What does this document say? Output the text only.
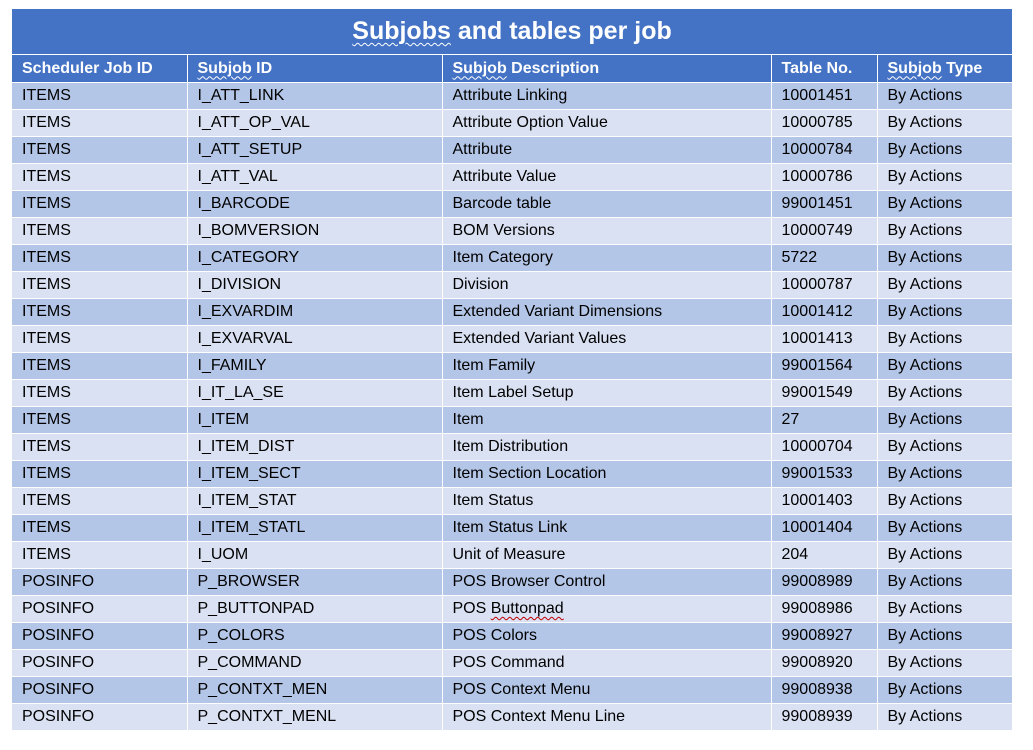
Subjobs and tables per job				
Scheduler Job ID	Subjob ID	Subjob Description	Table No.	Subjob Type
ITEMS	I_ATT_LINK	Attribute Linking	10001451	By Actions
ITEMS	I_ATT_OP_VAL	Attribute Option Value	10000785	By Actions
ITEMS	I_ATT_SETUP	Attribute	10000784	By Actions
ITEMS	I_ATT_VAL	Attribute Value	10000786	By Actions
ITEMS	I_BARCODE	Barcode table	99001451	By Actions
ITEMS	I_BOMVERSION	BOM Versions	10000749	By Actions
ITEMS	I_CATEGORY	Item Category	5722	By Actions
ITEMS	I_DIVISION	Division	10000787	By Actions
ITEMS	I_EXVARDIM	Extended Variant Dimensions	10001412	By Actions
ITEMS	I_EXVARVAL	Extended Variant Values	10001413	By Actions
ITEMS	I_FAMILY	Item Family	99001564	By Actions
ITEMS	I_IT_LA_SE	Item Label Setup	99001549	By Actions
ITEMS	I_ITEM	Item	27	By Actions
ITEMS	I_ITEM_DIST	Item Distribution	10000704	By Actions
ITEMS	I_ITEM_SECT	Item Section Location	99001533	By Actions
ITEMS	I_ITEM_STAT	Item Status	10001403	By Actions
ITEMS	I_ITEM_STATL	Item Status Link	10001404	By Actions
ITEMS	I_UOM	Unit of Measure	204	By Actions
POSINFO	P_BROWSER	POS Browser Control	99008989	By Actions
POSINFO	P_BUTTONPAD	POS Buttonpad	99008986	By Actions
POSINFO	P_COLORS	POS Colors	99008927	By Actions
POSINFO	P_COMMAND	POS Command	99008920	By Actions
POSINFO	P_CONTXT_MEN	POS Context Menu	99008938	By Actions
POSINFO	P_CONTXT_MENL	POS Context Menu Line	99008939	By Actions
